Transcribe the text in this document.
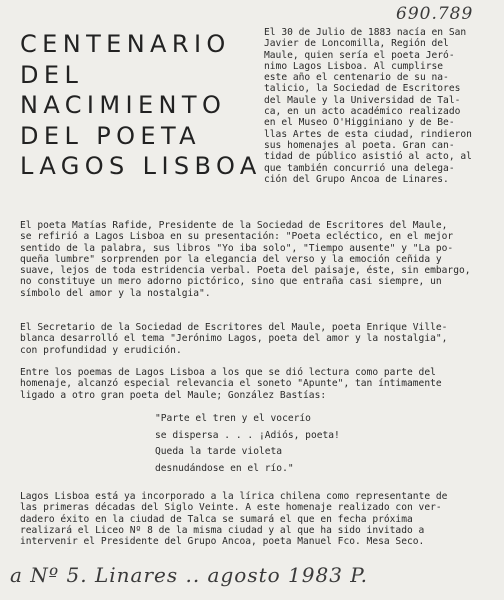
690.789
CENTENARIO
DEL
NACIMIENTO
DEL POETA
LAGOS LISBOA
El 30 de Julio de 1883 nacía en San
Javier de Loncomilla, Región del
Maule, quien sería el poeta Jeró-
nimo Lagos Lisboa. Al cumplirse
este año el centenario de su na-
talicio, la Sociedad de Escritores
del Maule y la Universidad de Tal-
ca, en un acto académico realizado
en el Museo O'Higginiano y de Be-
llas Artes de esta ciudad, rindieron
sus homenajes al poeta. Gran can-
tidad de público asistió al acto, al
que también concurrió una delega-
ción del Grupo Ancoa de Linares.
El poeta Matías Rafide, Presidente de la Sociedad de Escritores del Maule,
se refirió a Lagos Lisboa en su presentación: "Poeta ecléctico, en el mejor
sentido de la palabra, sus libros "Yo iba solo", "Tiempo ausente" y "La po-
queña lumbre" sorprenden por la elegancia del verso y la emoción ceñida y
suave, lejos de toda estridencia verbal. Poeta del paisaje, éste, sin embargo,
no constituye un mero adorno pictórico, sino que entraña casi siempre, un
símbolo del amor y la nostalgia".
El Secretario de la Sociedad de Escritores del Maule, poeta Enrique Ville-
blanca desarrolló el tema "Jerónimo Lagos, poeta del amor y la nostalgia",
con profundidad y erudición.
Entre los poemas de Lagos Lisboa a los que se dió lectura como parte del
homenaje, alcanzó especial relevancia el soneto "Apunte", tan íntimamente
ligado a otro gran poeta del Maule; González Bastías:
"Parte el tren y el vocerío
se dispersa . . . ¡Adiós, poeta!
Queda la tarde violeta
desnudándose en el río."
Lagos Lisboa está ya incorporado a la lírica chilena como representante de
las primeras décadas del Siglo Veinte. A este homenaje realizado con ver-
dadero éxito en la ciudad de Talca se sumará el que en fecha próxima
realizará el Liceo Nº 8 de la misma ciudad y al que ha sido invitado a
intervenir el Presidente del Grupo Ancoa, poeta Manuel Fco. Mesa Seco.
a Nº 5. Linares .. agosto 1983 P.
